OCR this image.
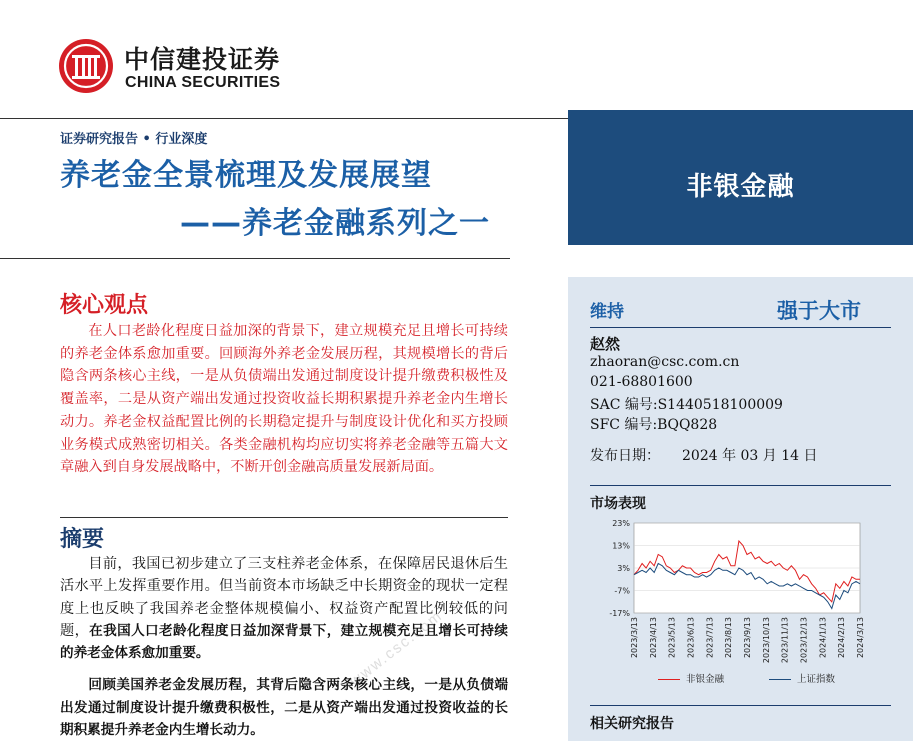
中信建投证券
CHINA SECURITIES
证券研究报告 • 行业深度
养老金全景梳理及发展展望
——养老金融系列之一
非银金融
核心观点

在人口老龄化程度日益加深的背景下，建立规模充足且增长可持续的养老金体系愈加重要。回顾海外养老金发展历程，其规模增长的背后隐含两条核心主线，一是从负债端出发通过制度设计提升缴费积极性及覆盖率，二是从资产端出发通过投资收益长期积累提升养老金内生增长动力。养老金权益配置比例的长期稳定提升与制度设计优化和买方投顾业务模式成熟密切相关。各类金融机构均应切实将养老金融等五篇大文章融入到自身发展战略中，不断开创金融高质量发展新局面。

摘要

目前，我国已初步建立了三支柱养老金体系，在保障居民退休后生活水平上发挥重要作用。但当前资本市场缺乏中长期资金的现状一定程度上也反映了我国养老金整体规模偏小、权益资产配置比例较低的问题，在我国人口老龄化程度日益加深背景下，建立规模充足且增长可持续的养老金体系愈加重要。

回顾美国养老金发展历程，其背后隐含两条核心主线，一是从负债端出发通过制度设计提升缴费积极性，二是从资产端出发通过投资收益的长期积累提升养老金内生增长动力。

维持	强于大市
赵然
zhaoran@csc.com.cn
021-68801600
SAC 编号:S1440518100009
SFC 编号:BQQ828
发布日期： 2024 年 03 月 14 日
市场表现
23%
13%
3%
-7%
-17%
2023/3/13 2023/4/13 2023/5/13 2023/6/13 2023/7/13 2023/8/13 2023/9/13 2023/10/13 2023/11/13 2023/12/13 2024/1/13 2024/2/13 2024/3/13
非银金融	上证指数
相关研究报告
www.csc.com
